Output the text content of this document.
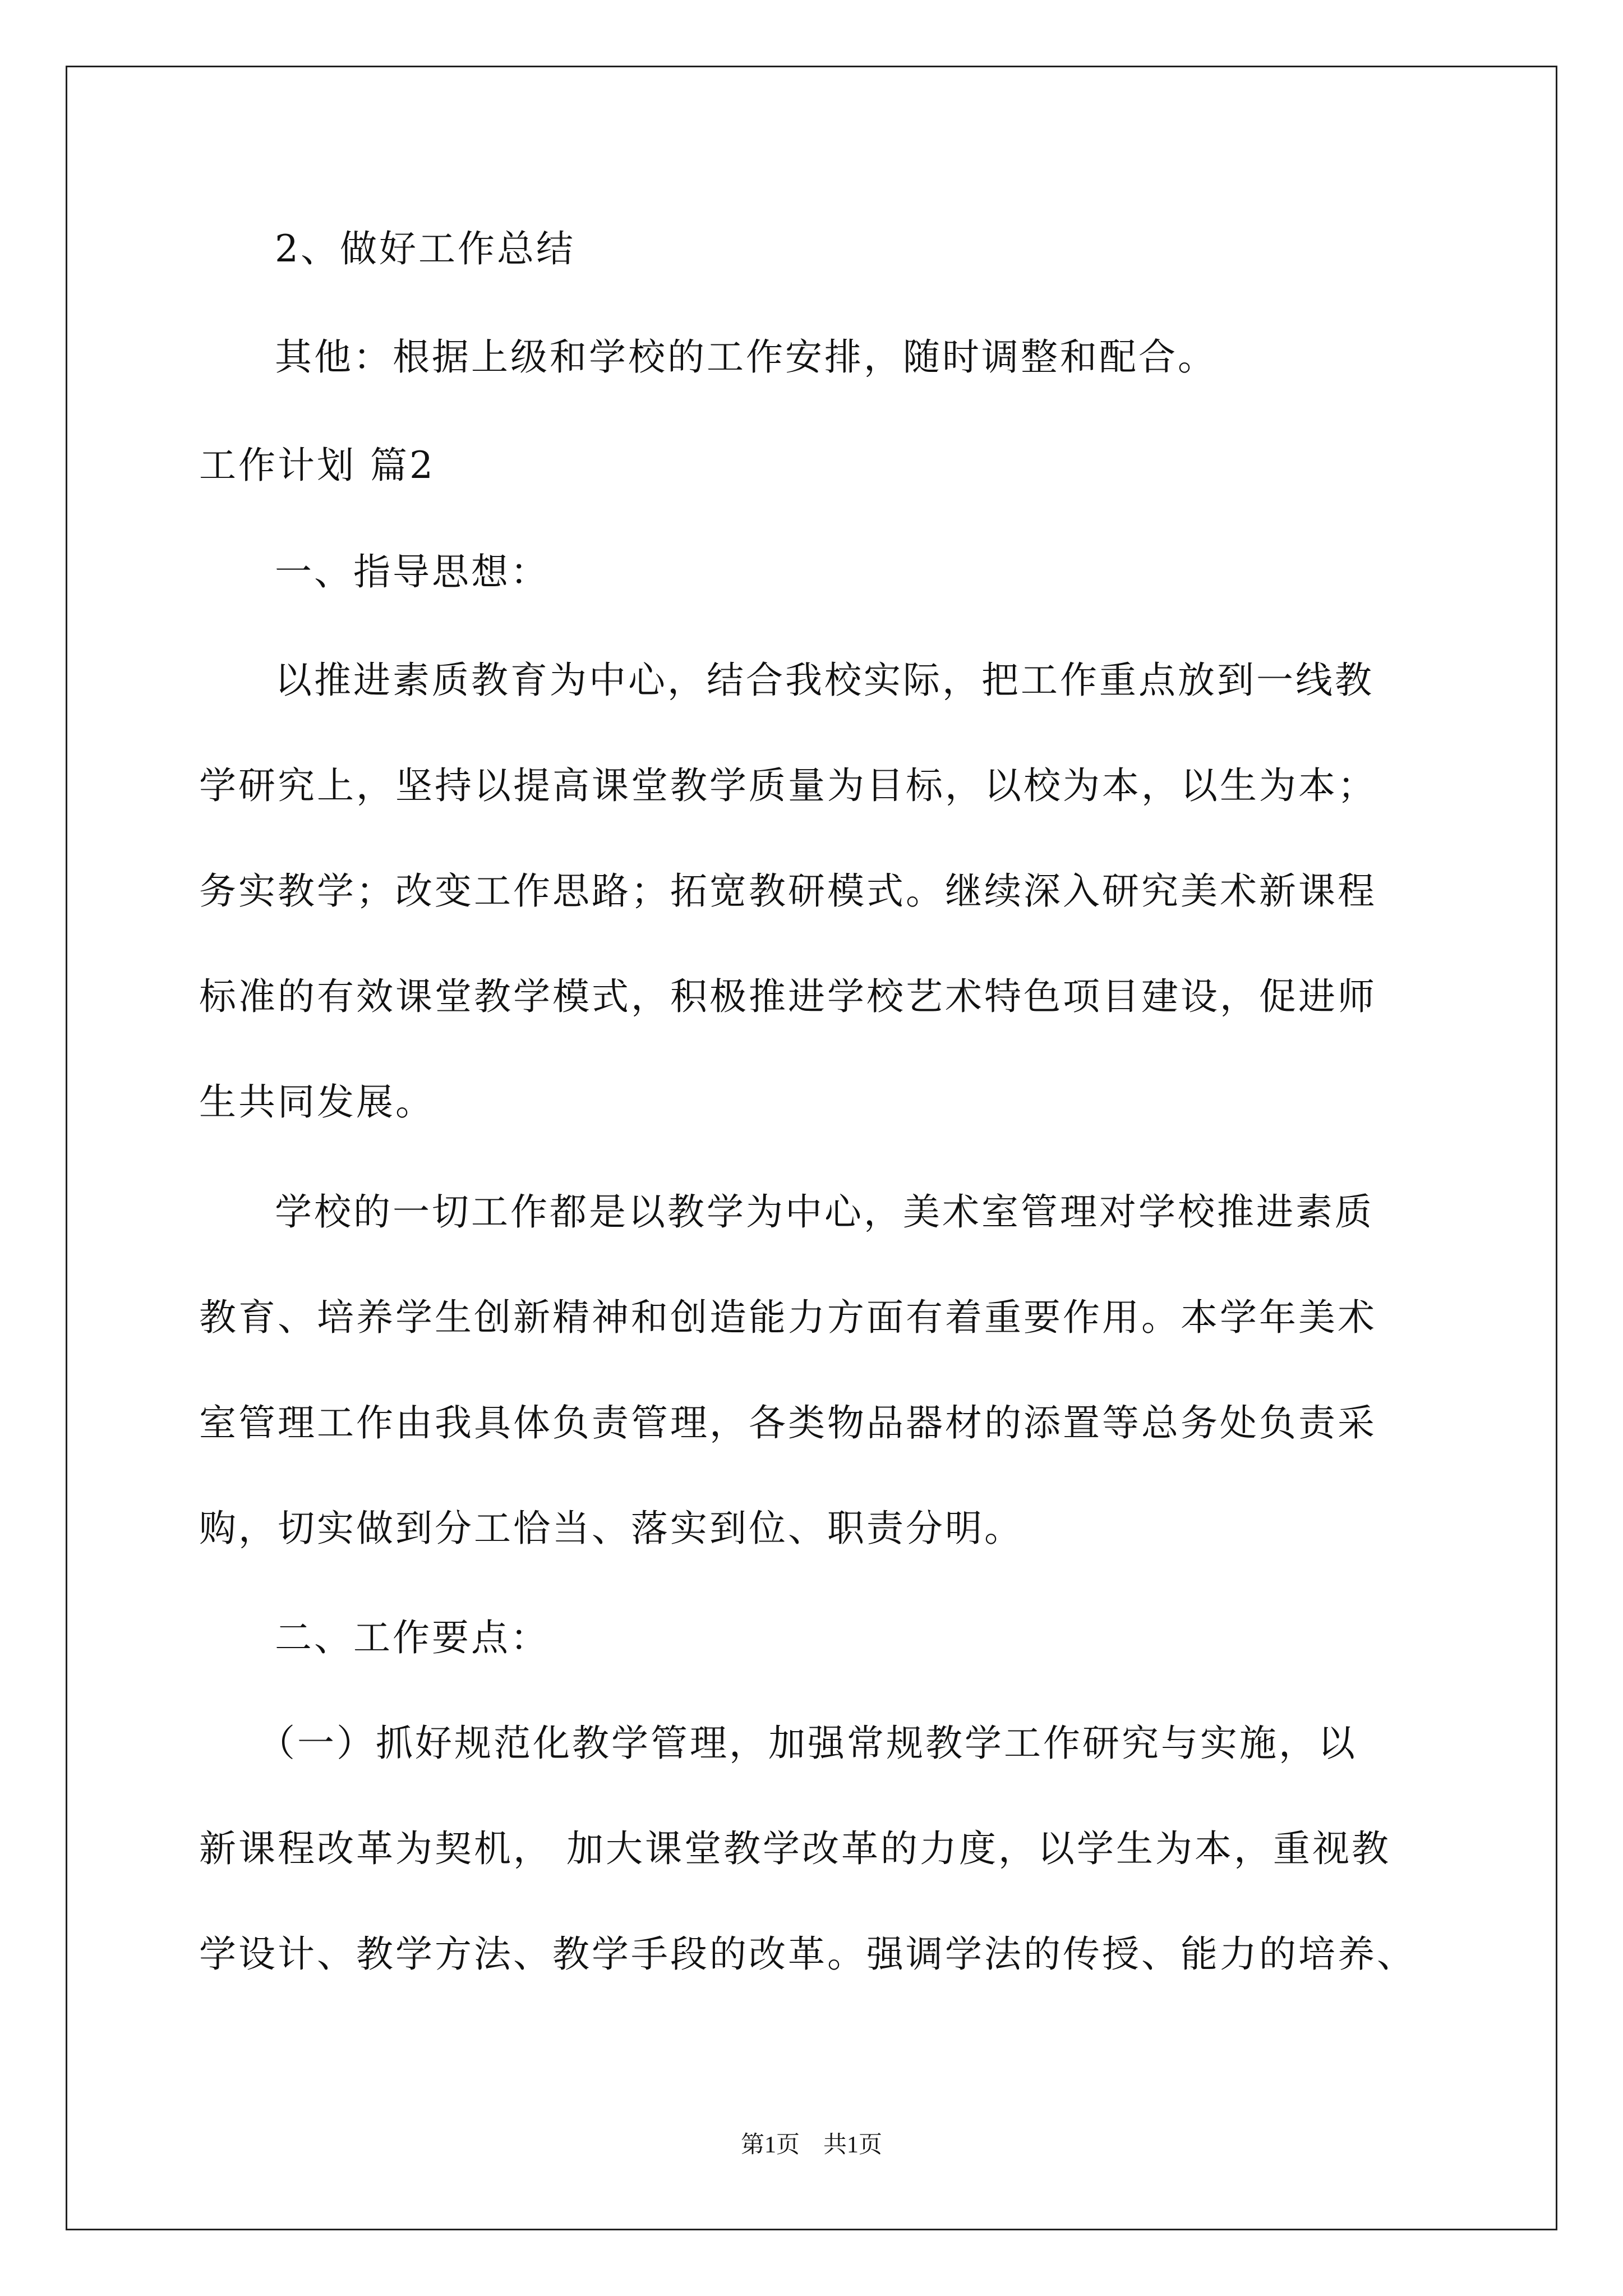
2、做好工作总结
其他：根据上级和学校的工作安排，随时调整和配合。
工作计划 篇2
一、指导思想：
以推进素质教育为中心，结合我校实际，把工作重点放到一线教
学研究上，坚持以提高课堂教学质量为目标，以校为本，以生为本；
务实教学；改变工作思路；拓宽教研模式。继续深入研究美术新课程
标准的有效课堂教学模式，积极推进学校艺术特色项目建设，促进师
生共同发展。
学校的一切工作都是以教学为中心，美术室管理对学校推进素质
教育、培养学生创新精神和创造能力方面有着重要作用。本学年美术
室管理工作由我具体负责管理，各类物品器材的添置等总务处负责采
购，切实做到分工恰当、落实到位、职责分明。
二、工作要点：
（一）抓好规范化教学管理，加强常规教学工作研究与实施，以
新课程改革为契机， 加大课堂教学改革的力度，以学生为本，重视教
学设计、教学方法、教学手段的改革。强调学法的传授、能力的培养、
第1页　共1页
